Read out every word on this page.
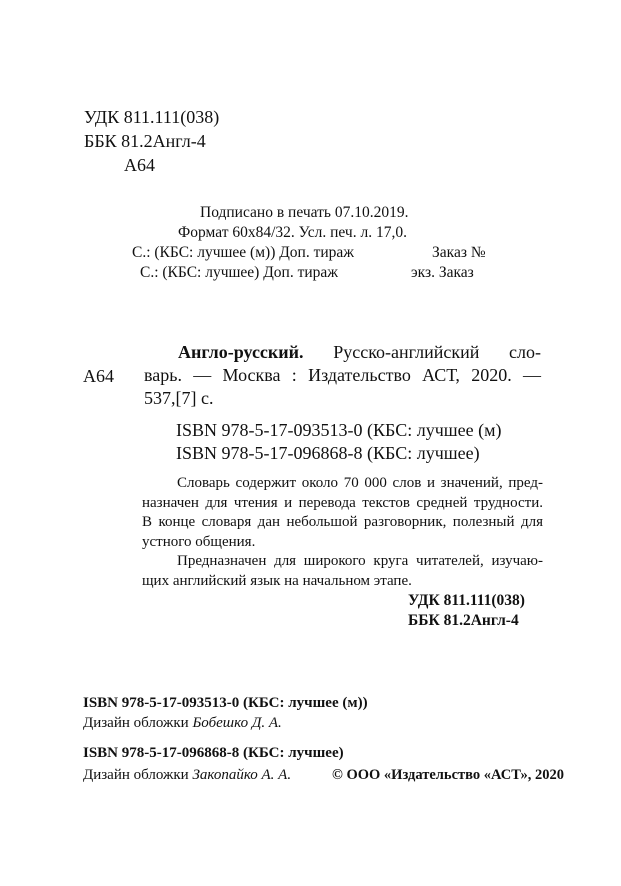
УДК 811.111(038)
ББК 81.2Англ-4
А64
Подписано в печать 07.10.2019.
Формат 60x84/32. Усл. печ. л. 17,0.
С.: (КБС: лучшее (м)) Доп. тираж	Заказ №
С.: (КБС: лучшее) Доп. тираж	экз. Заказ
А64
Англо-русский. Русско-английский сло-
варь. — Москва : Издательство АСТ, 2020. —
537,[7] с.
ISBN 978-5-17-093513-0 (КБС: лучшее (м)
ISBN 978-5-17-096868-8 (КБС: лучшее)
Словарь содержит около 70 000 слов и значений, пред-
назначен для чтения и перевода текстов средней трудности.
В конце словаря дан небольшой разговорник, полезный для
устного общения.
Предназначен для широкого круга читателей, изучаю-
щих английский язык на начальном этапе.
УДК 811.111(038)
ББК 81.2Англ-4
ISBN 978-5-17-093513-0 (КБС: лучшее (м))
Дизайн обложки Бобешко Д. А.
ISBN 978-5-17-096868-8 (КБС: лучшее)
Дизайн обложки Закопайко А. А.	© ООО «Издательство «АСТ», 2020
